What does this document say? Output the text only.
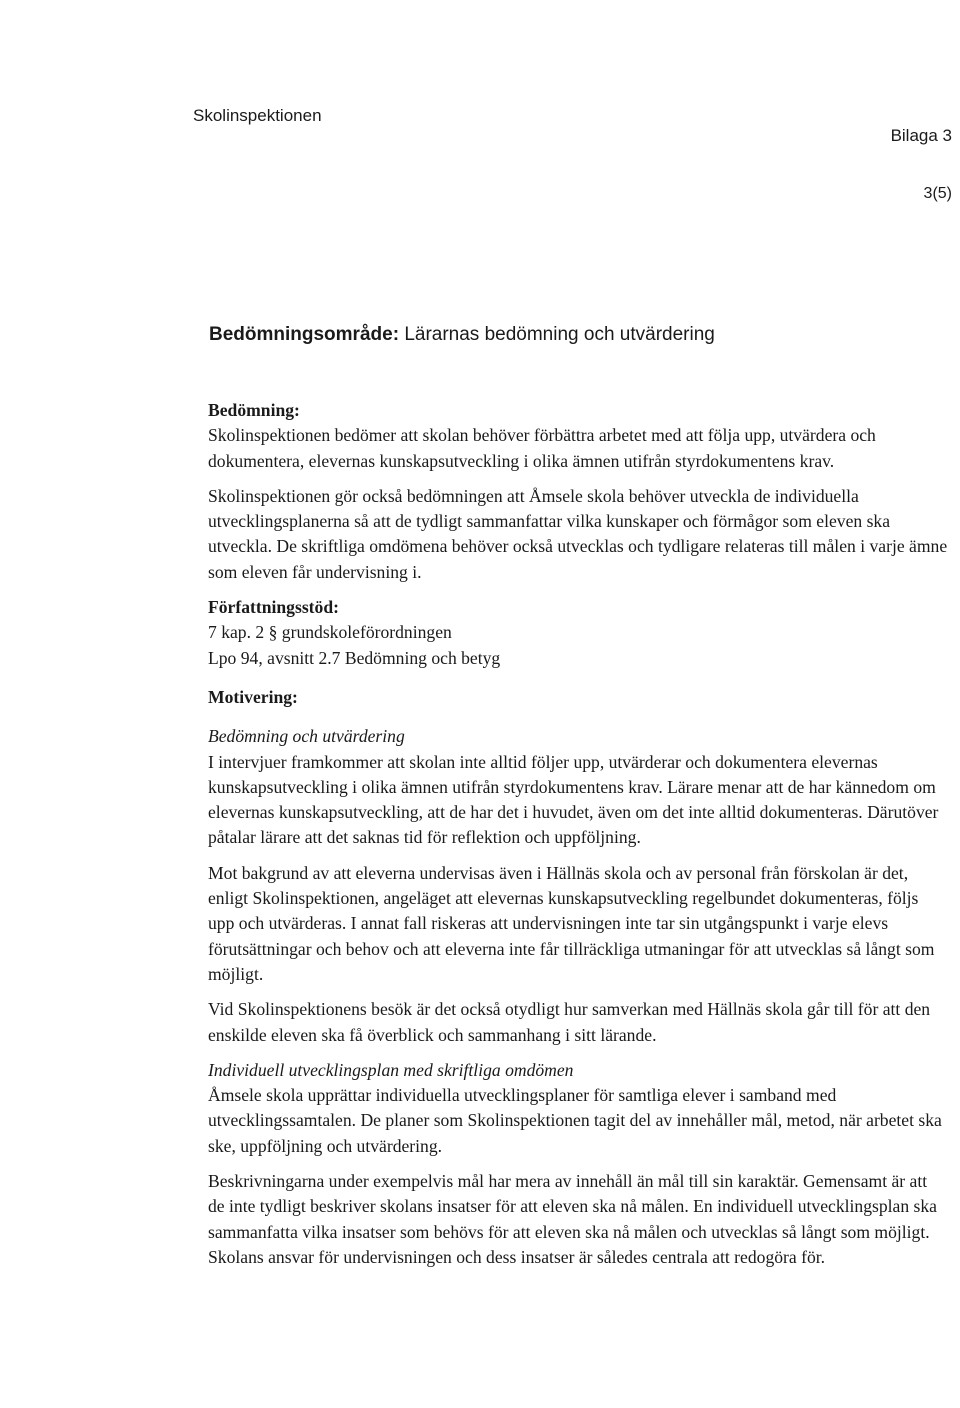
Skolinspektionen
Bilaga 3
3(5)
Bedömningsområde: Lärarnas bedömning och utvärdering

Bedömning:

Skolinspektionen bedömer att skolan behöver förbättra arbetet med att följa upp, utvärdera och dokumentera, elevernas kunskapsutveckling i olika ämnen utifrån styrdokumentens krav.

Skolinspektionen gör också bedömningen att Åmsele skola behöver utveckla de individuella utvecklingsplanerna så att de tydligt sammanfattar vilka kunskaper och förmågor som eleven ska utveckla. De skriftliga omdömena behöver också utvecklas och tydligare relateras till målen i varje ämne som eleven får undervisning i.

Författningsstöd:

7 kap. 2 § grundskoleförordningen

Lpo 94, avsnitt 2.7 Bedömning och betyg

Motivering:

Bedömning och utvärdering

I intervjuer framkommer att skolan inte alltid följer upp, utvärderar och dokumentera elevernas kunskapsutveckling i olika ämnen utifrån styrdokumentens krav. Lärare menar att de har kännedom om elevernas kunskapsutveckling, att de har det i huvudet, även om det inte alltid dokumenteras. Därutöver påtalar lärare att det saknas tid för reflektion och uppföljning.

Mot bakgrund av att eleverna undervisas även i Hällnäs skola och av personal från förskolan är det, enligt Skolinspektionen, angeläget att elevernas kunskapsutveckling regelbundet dokumenteras, följs upp och utvärderas. I annat fall riskeras att undervisningen inte tar sin utgångspunkt i varje elevs förutsättningar och behov och att eleverna inte får tillräckliga utmaningar för att utvecklas så långt som möjligt.

Vid Skolinspektionens besök är det också otydligt hur samverkan med Hällnäs skola går till för att den enskilde eleven ska få överblick och sammanhang i sitt lärande.

Individuell utvecklingsplan med skriftliga omdömen

Åmsele skola upprättar individuella utvecklingsplaner för samtliga elever i samband med utvecklingssamtalen. De planer som Skolinspektionen tagit del av innehåller mål, metod, när arbetet ska ske, uppföljning och utvärdering.

Beskrivningarna under exempelvis mål har mera av innehåll än mål till sin karaktär. Gemensamt är att de inte tydligt beskriver skolans insatser för att eleven ska nå målen. En individuell utvecklingsplan ska sammanfatta vilka insatser som behövs för att eleven ska nå målen och utvecklas så långt som möjligt. Skolans ansvar för undervisningen och dess insatser är således centrala att redogöra för.
